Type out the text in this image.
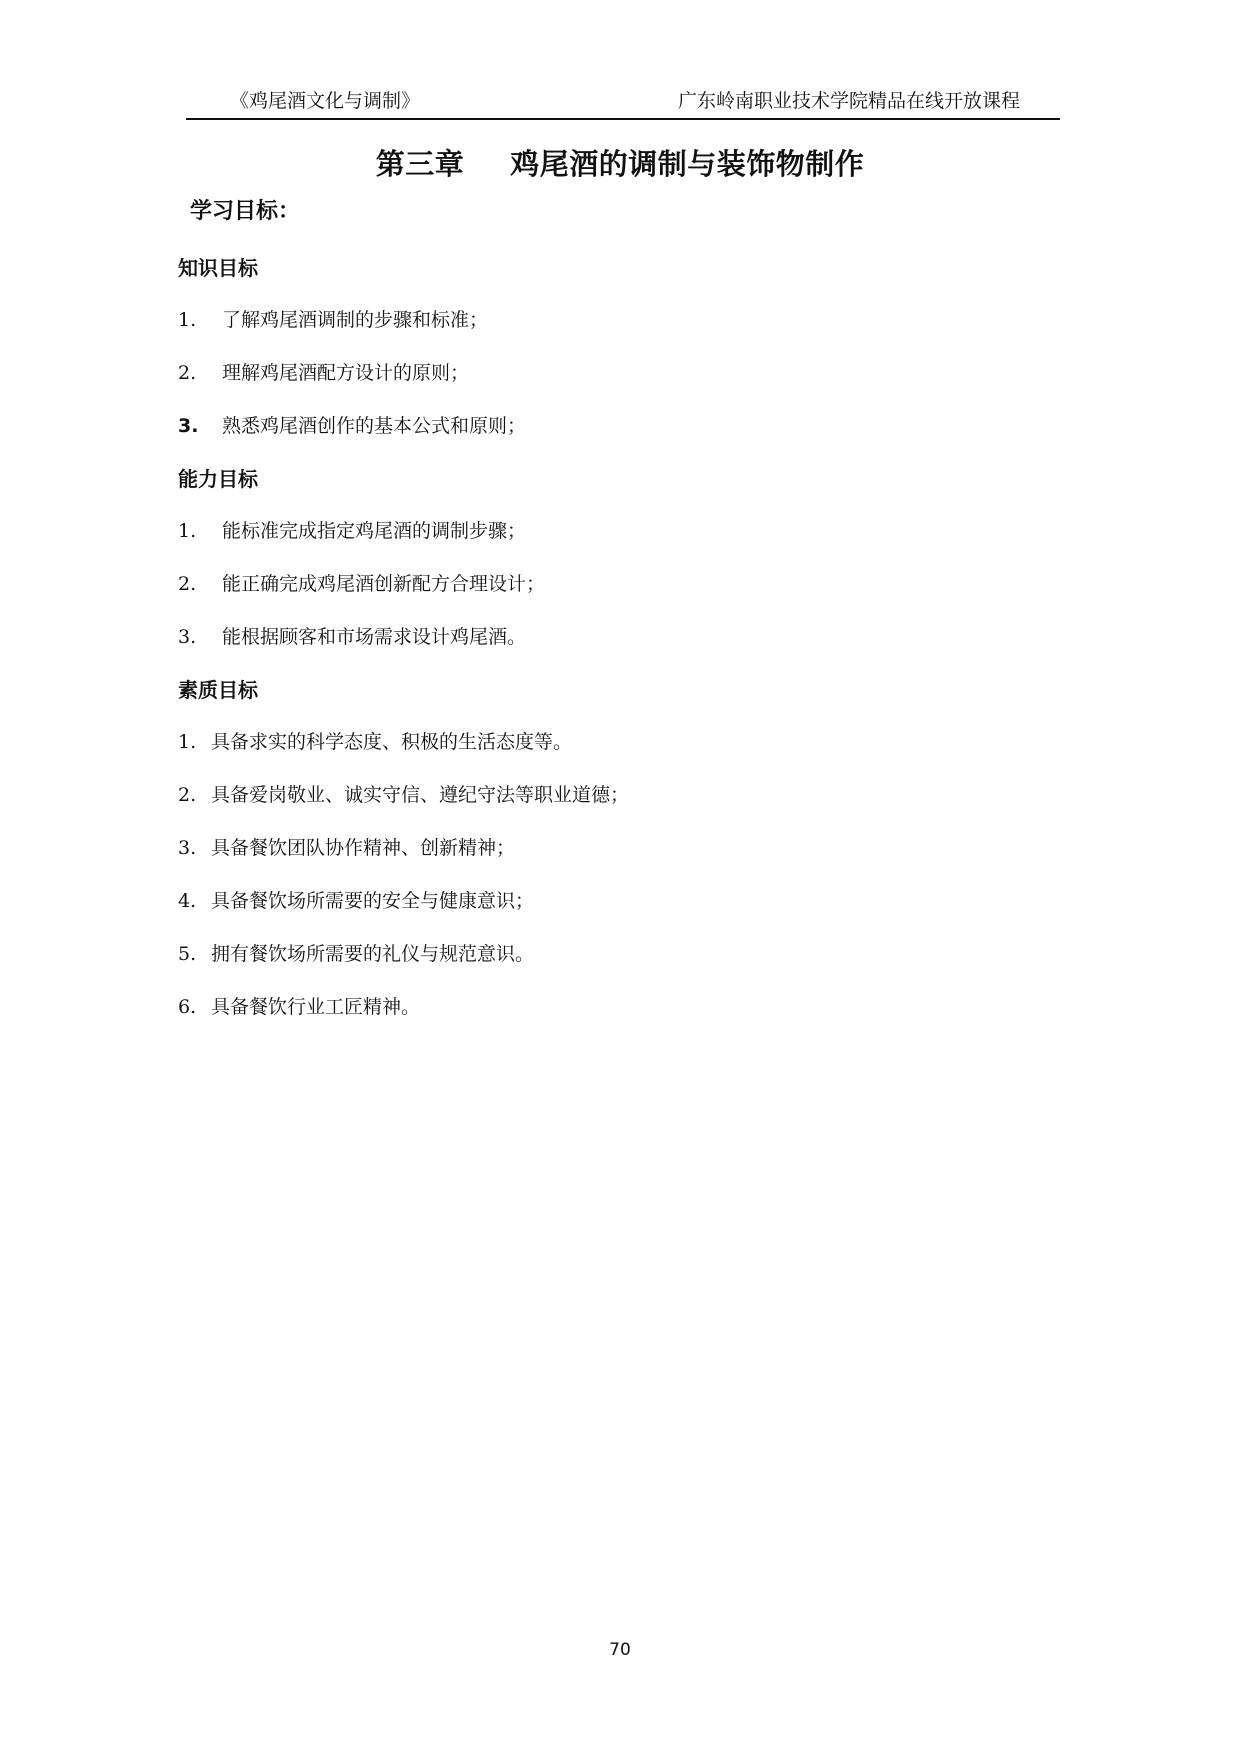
《鸡尾酒文化与调制》	广东岭南职业技术学院精品在线开放课程
第三章 鸡尾酒的调制与装饰物制作
学习目标：
知识目标
1. 了解鸡尾酒调制的步骤和标准；
2. 理解鸡尾酒配方设计的原则；
3. 熟悉鸡尾酒创作的基本公式和原则；
能力目标
1. 能标准完成指定鸡尾酒的调制步骤；
2. 能正确完成鸡尾酒创新配方合理设计；
3. 能根据顾客和市场需求设计鸡尾酒。
素质目标
1. 具备求实的科学态度、积极的生活态度等。
2. 具备爱岗敬业、诚实守信、遵纪守法等职业道德；
3. 具备餐饮团队协作精神、创新精神；
4. 具备餐饮场所需要的安全与健康意识；
5. 拥有餐饮场所需要的礼仪与规范意识。
6. 具备餐饮行业工匠精神。
70
